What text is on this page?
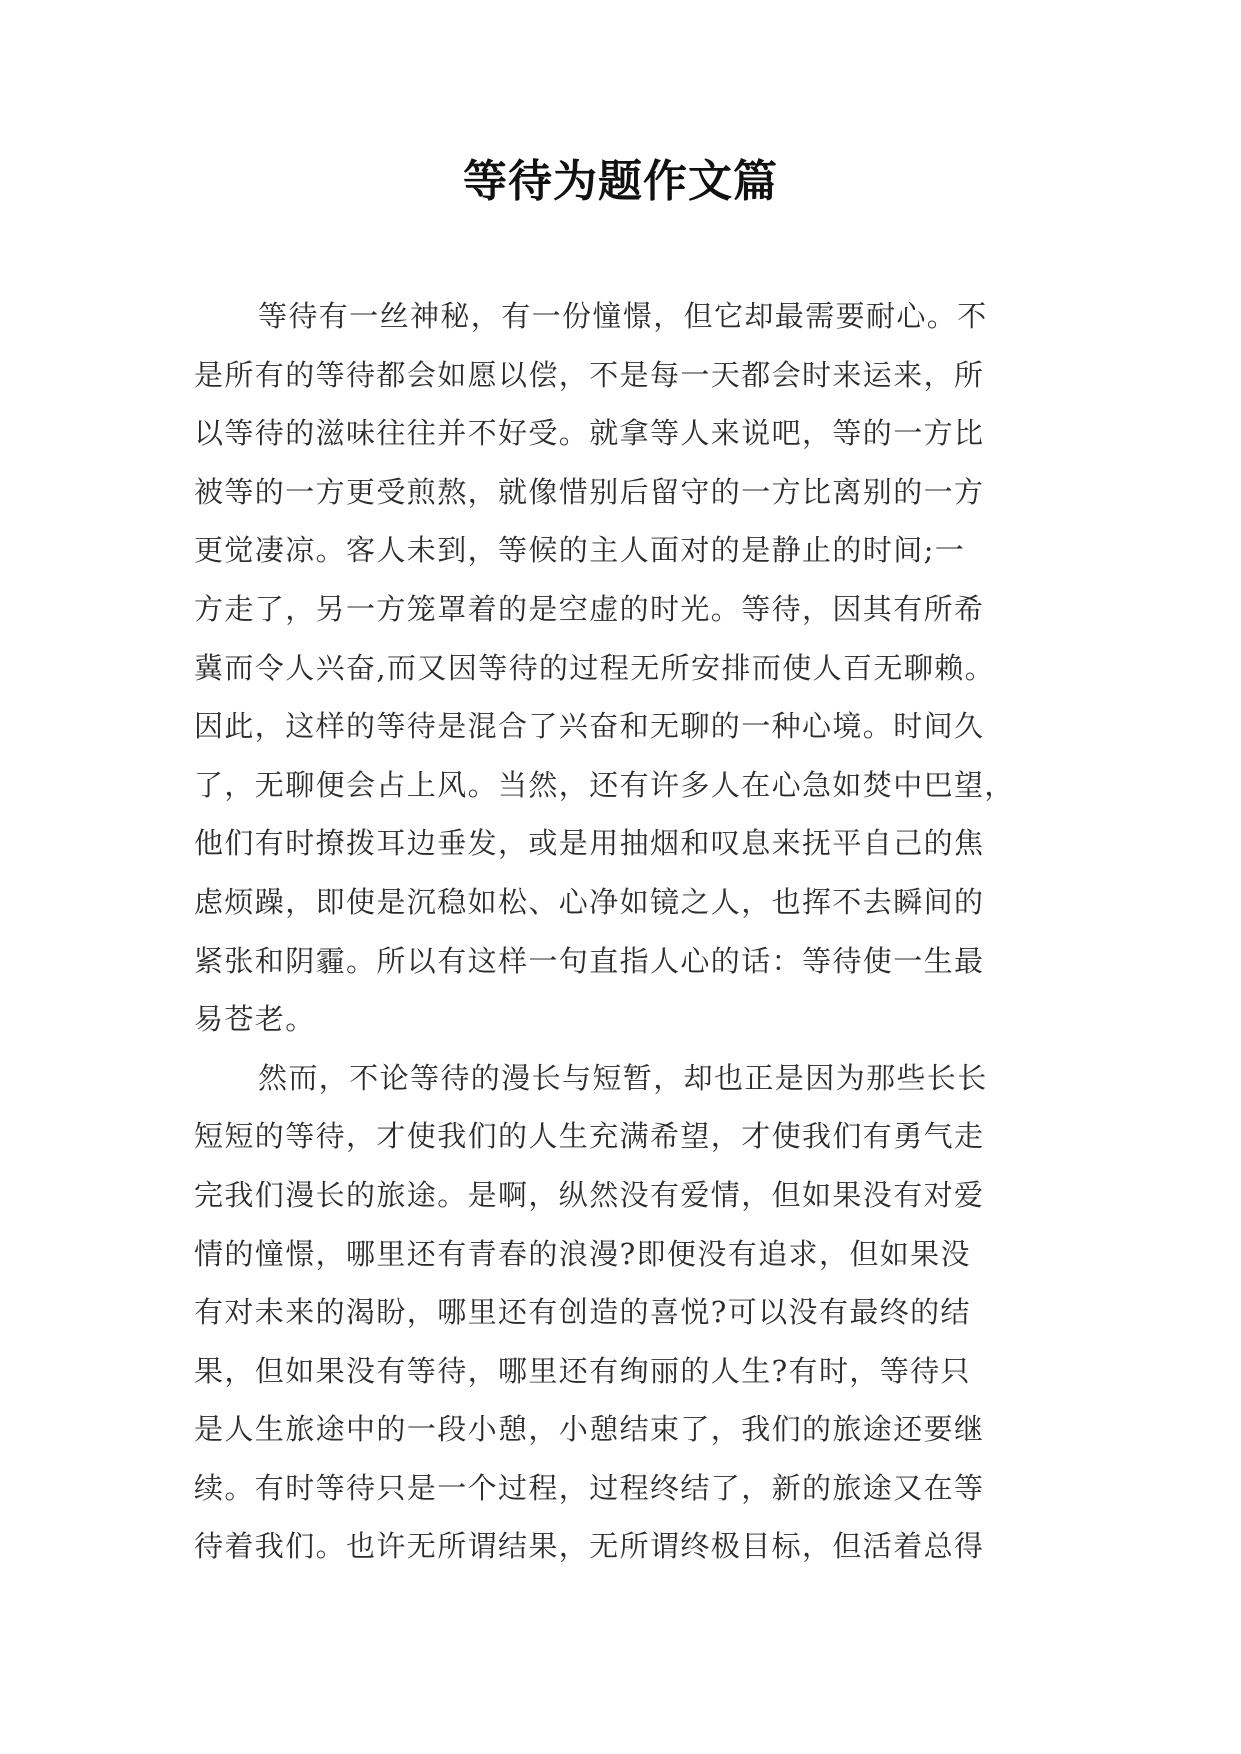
等待为题作文篇
等待有一丝神秘，有一份憧憬，但它却最需要耐心。不
是所有的等待都会如愿以偿，不是每一天都会时来运来，所
以等待的滋味往往并不好受。就拿等人来说吧，等的一方比
被等的一方更受煎熬，就像惜别后留守的一方比离别的一方
更觉凄凉。客人未到，等候的主人面对的是静止的时间;一
方走了，另一方笼罩着的是空虚的时光。等待，因其有所希
冀而令人兴奋,而又因等待的过程无所安排而使人百无聊赖。
因此，这样的等待是混合了兴奋和无聊的一种心境。时间久
了，无聊便会占上风。当然，还有许多人在心急如焚中巴望，
他们有时撩拨耳边垂发，或是用抽烟和叹息来抚平自己的焦
虑烦躁，即使是沉稳如松、心净如镜之人，也挥不去瞬间的
紧张和阴霾。所以有这样一句直指人心的话：等待使一生最
易苍老。
然而，不论等待的漫长与短暂，却也正是因为那些长长
短短的等待，才使我们的人生充满希望，才使我们有勇气走
完我们漫长的旅途。是啊，纵然没有爱情，但如果没有对爱
情的憧憬，哪里还有青春的浪漫?即便没有追求，但如果没
有对未来的渴盼，哪里还有创造的喜悦?可以没有最终的结
果，但如果没有等待，哪里还有绚丽的人生?有时，等待只
是人生旅途中的一段小憩，小憩结束了，我们的旅途还要继
续。有时等待只是一个过程，过程终结了，新的旅途又在等
待着我们。也许无所谓结果，无所谓终极目标，但活着总得
